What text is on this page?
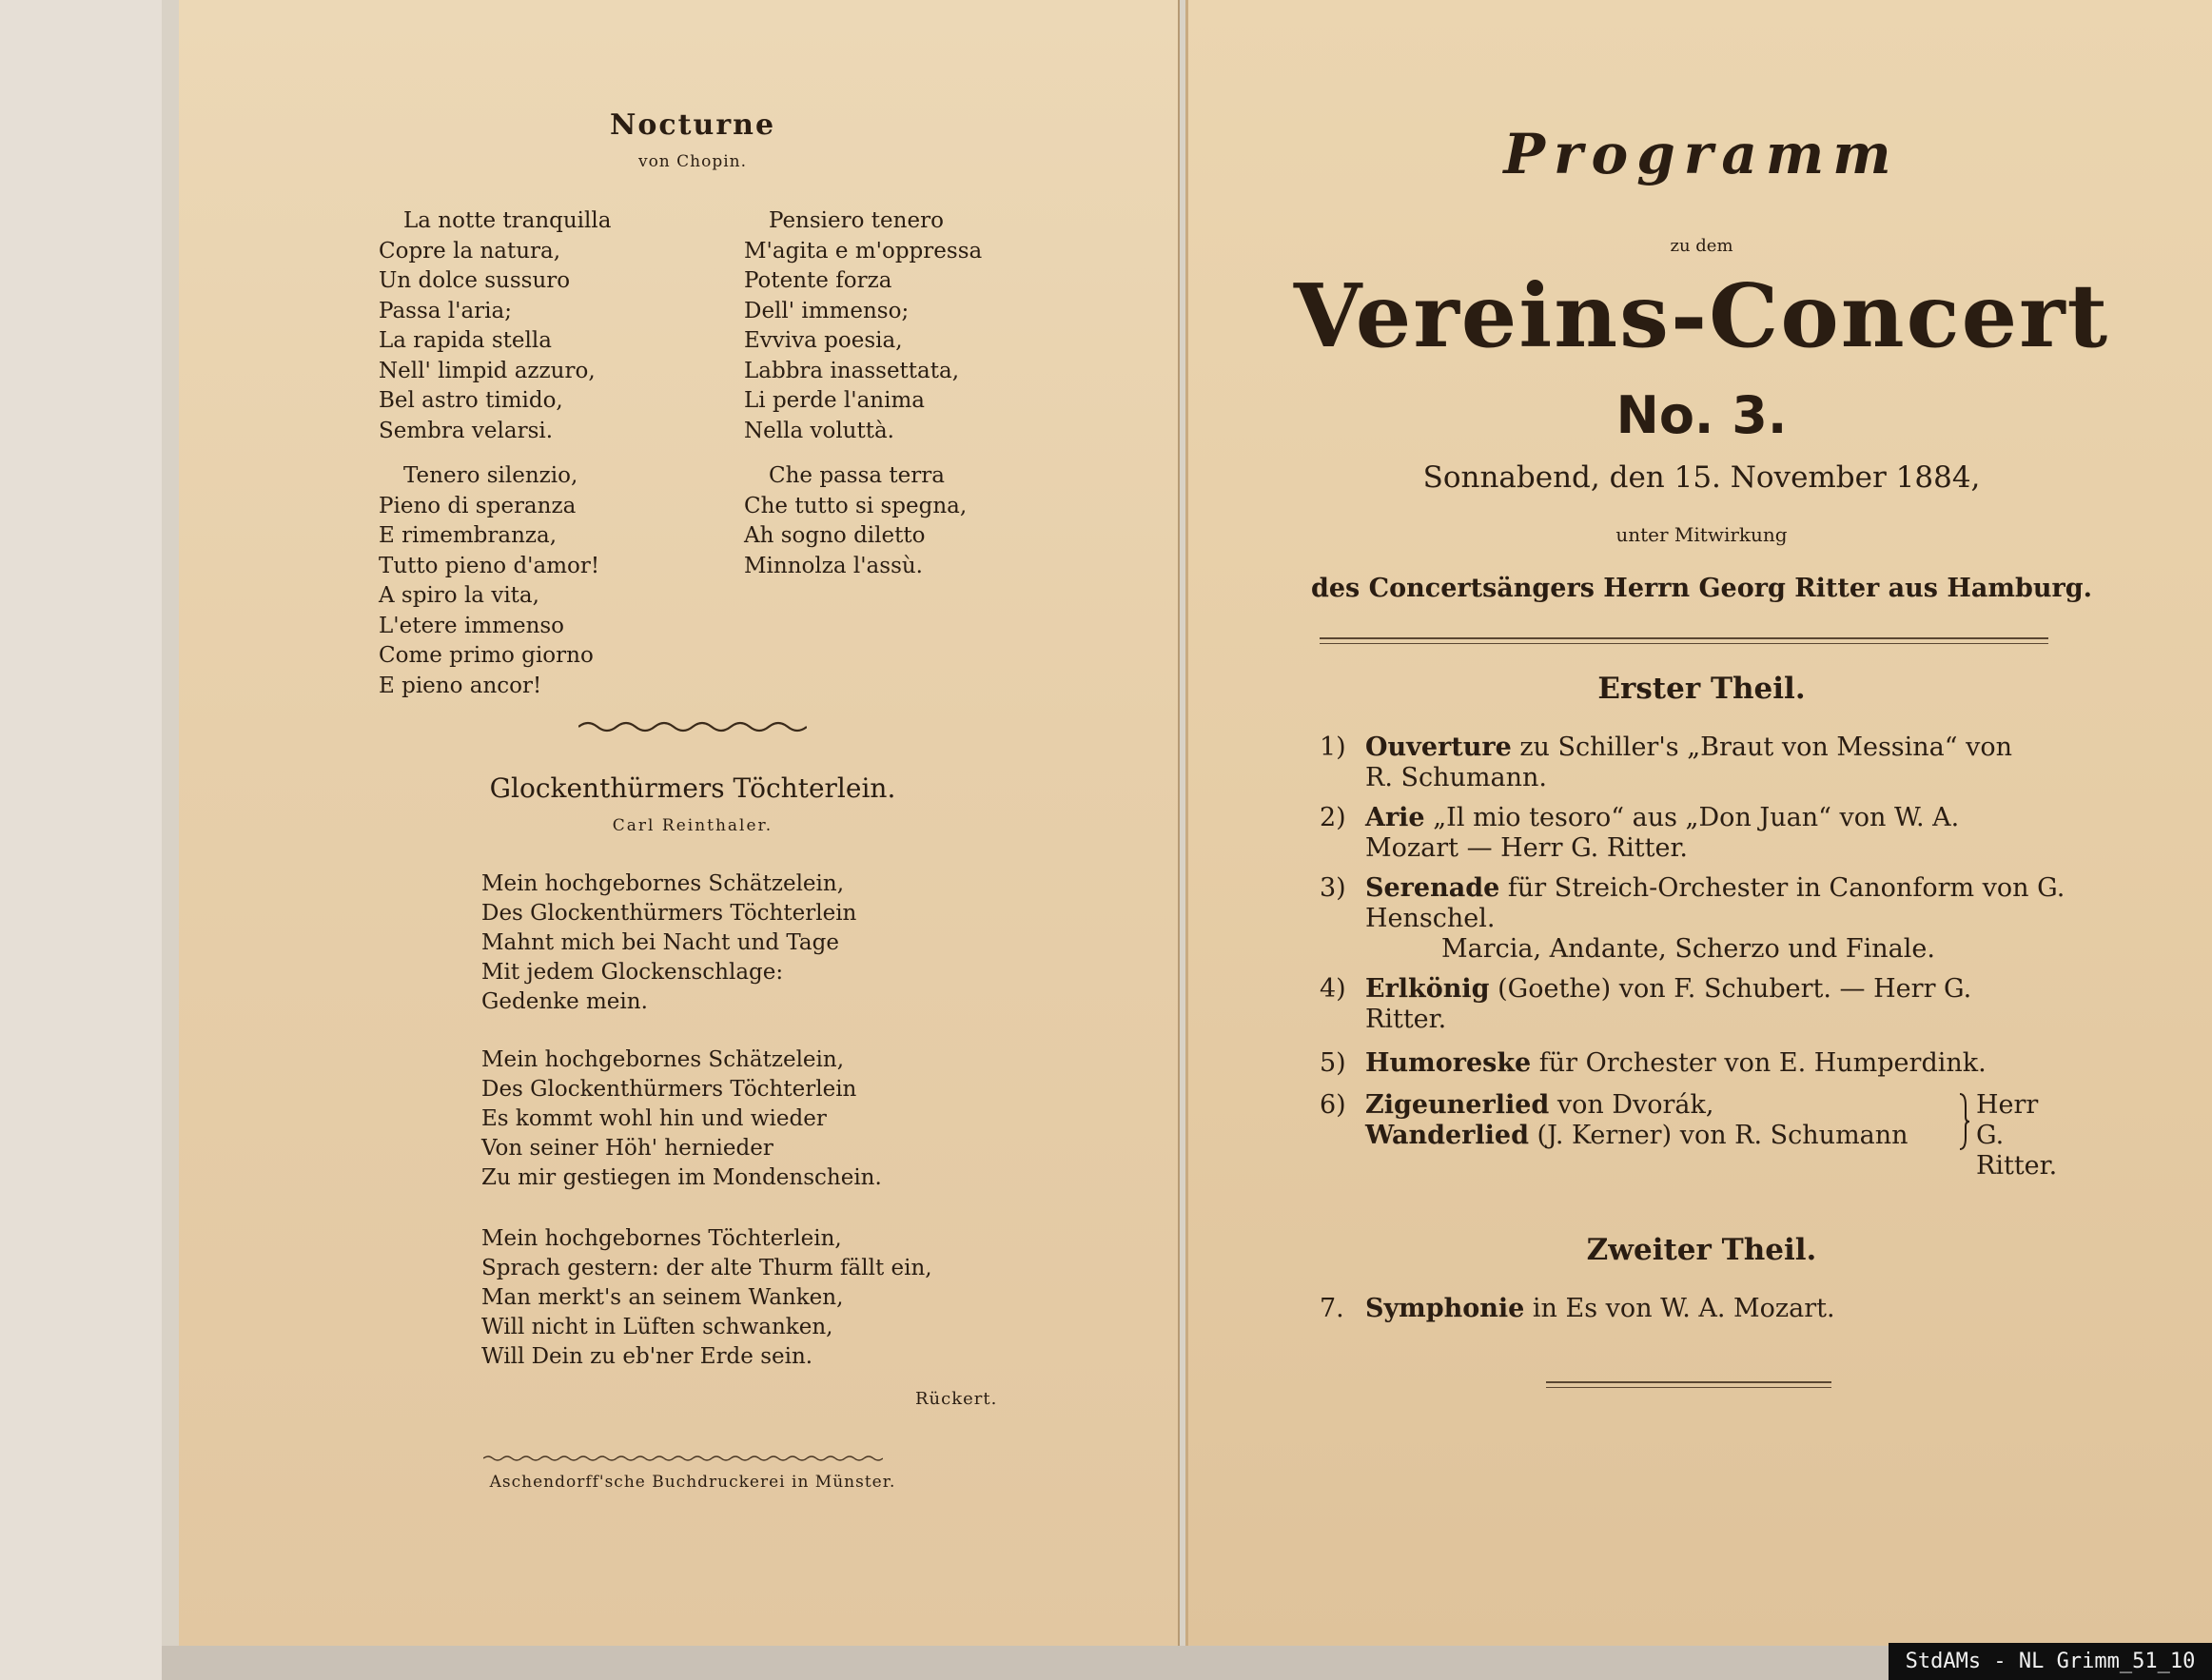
Nocturne
von Chopin.
La notte tranquilla
Copre la natura,
Un dolce sussuro
Passa l'aria;
La rapida stella
Nell' limpid azzuro,
Bel astro timido,
Sembra velarsi.
Tenero silenzio,
Pieno di speranza
E rimembranza,
Tutto pieno d'amor!
A spiro la vita,
L'etere immenso
Come primo giorno
E pieno ancor!
Pensiero tenero
M'agita e m'oppressa
Potente forza
Dell' immenso;
Evviva poesia,
Labbra inassettata,
Li perde l'anima
Nella voluttà.
Che passa terra
Che tutto si spegna,
Ah sogno diletto
Minnolza l'assù.
Glockenthürmers Töchterlein.
Carl Reinthaler.
Mein hochgebornes Schätzelein,
Des Glockenthürmers Töchterlein
Mahnt mich bei Nacht und Tage
Mit jedem Glockenschlage:
Gedenke mein.
Mein hochgebornes Schätzelein,
Des Glockenthürmers Töchterlein
Es kommt wohl hin und wieder
Von seiner Höh' hernieder
Zu mir gestiegen im Mondenschein.
Mein hochgebornes Töchterlein,
Sprach gestern: der alte Thurm fällt ein,
Man merkt's an seinem Wanken,
Will nicht in Lüften schwanken,
Will Dein zu eb'ner Erde sein.
Rückert.
Aschendorff'sche Buchdruckerei in Münster.
Programm
zu dem
Vereins-Concert
No. 3.
Sonnabend, den 15. November 1884,
unter Mitwirkung
des Concertsängers Herrn Georg Ritter aus Hamburg.
Erster Theil.
1) Ouverture zu Schiller's „Braut von Messina“ von
R. Schumann.
2) Arie „Il mio tesoro“ aus „Don Juan“ von W. A.
Mozart — Herr G. Ritter.
3) Serenade für Streich-Orchester in Canonform von G.
Henschel.
Marcia, Andante, Scherzo und Finale.
4) Erlkönig (Goethe) von F. Schubert. — Herr G.
Ritter.
5) Humoreske für Orchester von E. Humperdink.
6) Zigeunerlied von Dvorák,
Wanderlied (J. Kerner) von R. Schumann
Herr G.
Ritter.
Zweiter Theil.
7. Symphonie in Es von W. A. Mozart.
StdAMs - NL Grimm_51_10
